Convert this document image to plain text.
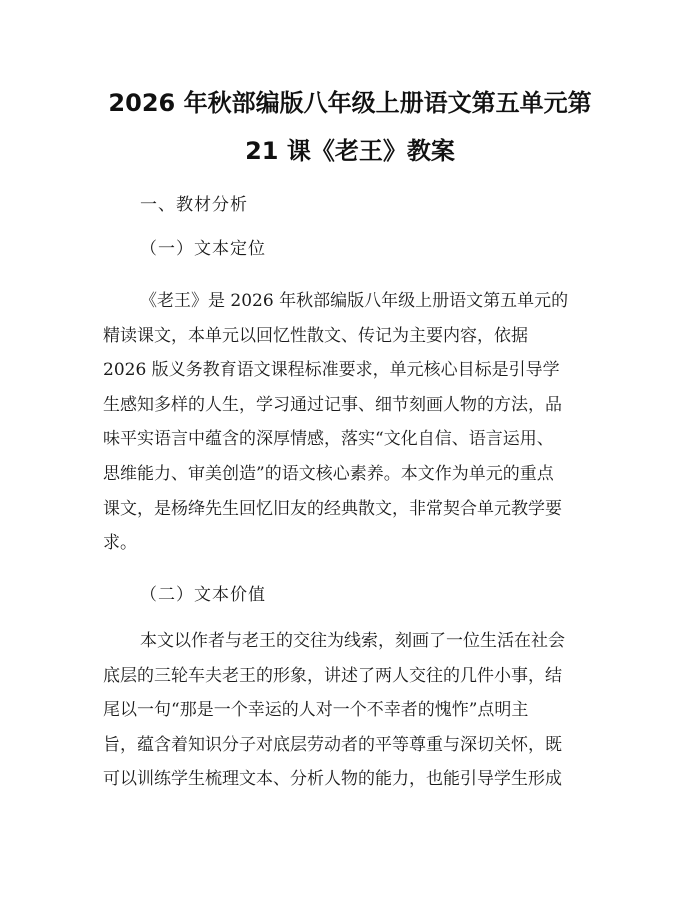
2026 年秋部编版八年级上册语文第五单元第
21 课《老王》教案
一、教材分析
（一）文本定位
《老王》是 2026 年秋部编版八年级上册语文第五单元的
精读课文，本单元以回忆性散文、传记为主要内容，依据
2026 版义务教育语文课程标准要求，单元核心目标是引导学
生感知多样的人生，学习通过记事、细节刻画人物的方法，品
味平实语言中蕴含的深厚情感，落实“文化自信、语言运用、
思维能力、审美创造”的语文核心素养。本文作为单元的重点
课文，是杨绛先生回忆旧友的经典散文，非常契合单元教学要
求。
（二）文本价值
本文以作者与老王的交往为线索，刻画了一位生活在社会
底层的三轮车夫老王的形象，讲述了两人交往的几件小事，结
尾以一句“那是一个幸运的人对一个不幸者的愧怍”点明主
旨，蕴含着知识分子对底层劳动者的平等尊重与深切关怀，既
可以训练学生梳理文本、分析人物的能力，也能引导学生形成
